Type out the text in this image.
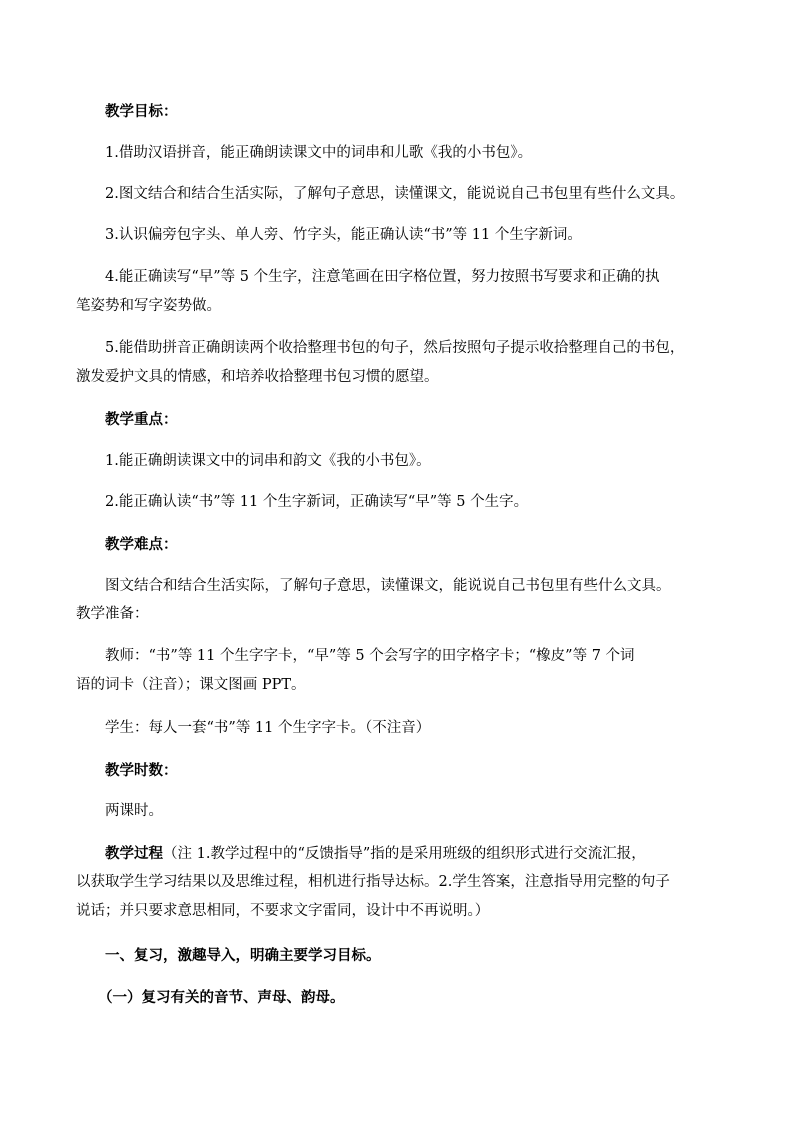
教学目标：

1.借助汉语拼音，能正确朗读课文中的词串和儿歌《我的小书包》。

2.图文结合和结合生活实际，了解句子意思，读懂课文，能说说自己书包里有些什么文具。

3.认识偏旁包字头、单人旁、竹字头，能正确认读“书”等 11 个生字新词。

4.能正确读写“早”等 5 个生字，注意笔画在田字格位置，努力按照书写要求和正确的执

笔姿势和写字姿势做。

5.能借助拼音正确朗读两个收拾整理书包的句子，然后按照句子提示收拾整理自己的书包，

激发爱护文具的情感，和培养收拾整理书包习惯的愿望。

教学重点：

1.能正确朗读课文中的词串和韵文《我的小书包》。

2.能正确认读“书”等 11 个生字新词，正确读写“早”等 5 个生字。

教学难点：

图文结合和结合生活实际，了解句子意思，读懂课文，能说说自己书包里有些什么文具。

教学准备：

教师：“书”等 11 个生字字卡，“早”等 5 个会写字的田字格字卡；“橡皮”等 7 个词

语的词卡（注音）；课文图画 PPT。

学生：每人一套“书”等 11 个生字字卡。（不注音）

教学时数：

两课时。

教学过程（注 1.教学过程中的“反馈指导”指的是采用班级的组织形式进行交流汇报，

以获取学生学习结果以及思维过程，相机进行指导达标。2.学生答案，注意指导用完整的句子

说话；并只要求意思相同，不要求文字雷同，设计中不再说明。）

一、复习，激趣导入，明确主要学习目标。

（一）复习有关的音节、声母、韵母。
